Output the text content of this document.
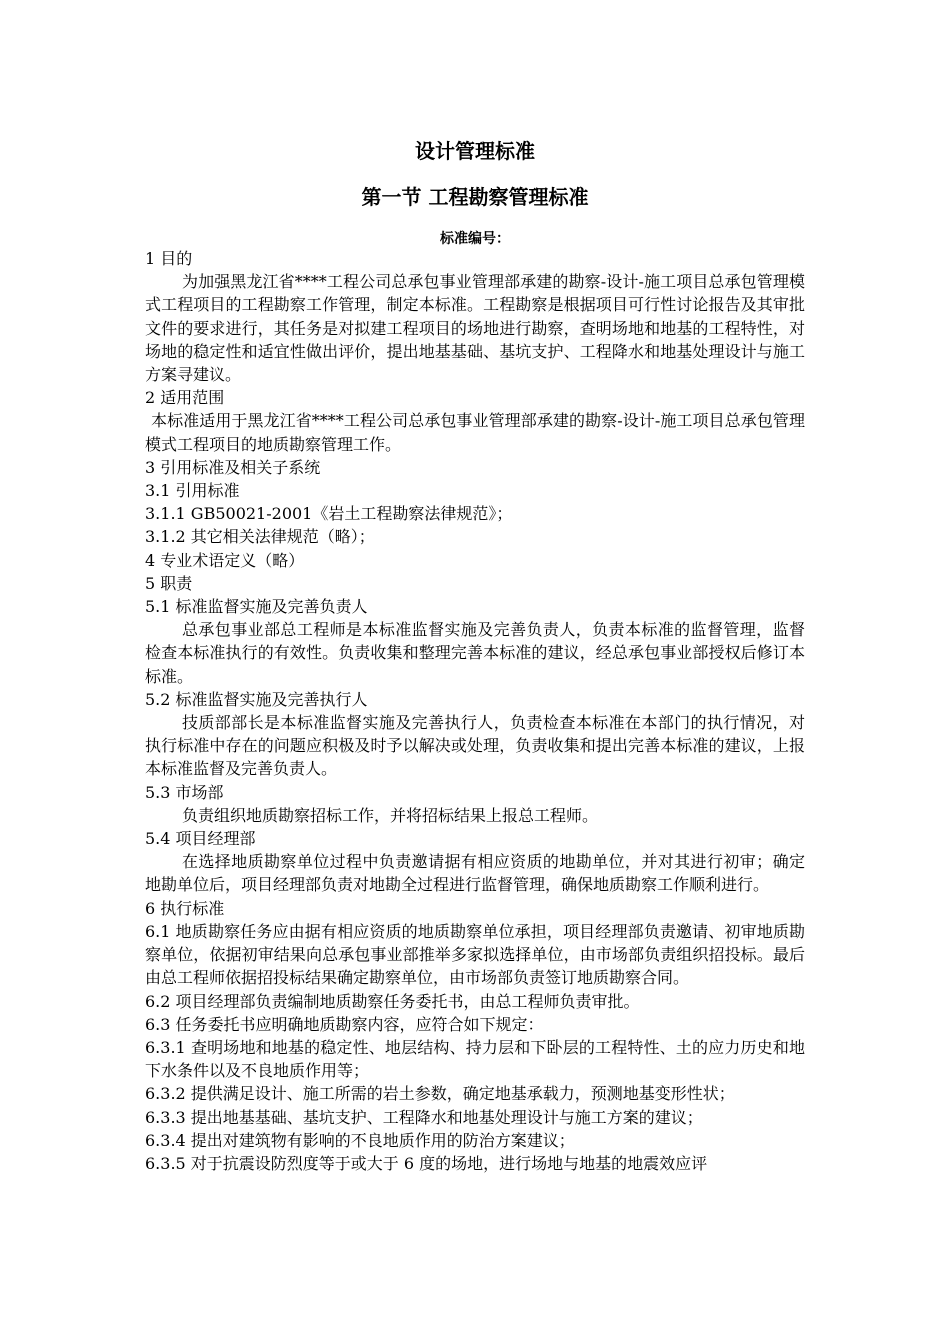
设计管理标准
第一节 工程勘察管理标准
标准编号：

1 目的

为加强黑龙江省****工程公司总承包事业管理部承建的勘察-设计-施工项目总承包管理模式工程项目的工程勘察工作管理，制定本标准。工程勘察是根据项目可行性讨论报告及其审批文件的要求进行，其任务是对拟建工程项目的场地进行勘察，查明场地和地基的工程特性，对场地的稳定性和适宜性做出评价，提出地基基础、基坑支护、工程降水和地基处理设计与施工方案寻建议。

2 适用范围

本标准适用于黑龙江省****工程公司总承包事业管理部承建的勘察-设计-施工项目总承包管理模式工程项目的地质勘察管理工作。

3 引用标准及相关子系统

3.1 引用标准

3.1.1 GB50021-2001《岩土工程勘察法律规范》；

3.1.2 其它相关法律规范（略）；

4 专业术语定义（略）

5 职责

5.1 标准监督实施及完善负责人

总承包事业部总工程师是本标准监督实施及完善负责人，负责本标准的监督管理，监督检查本标准执行的有效性。负责收集和整理完善本标准的建议，经总承包事业部授权后修订本标准。

5.2 标准监督实施及完善执行人

技质部部长是本标准监督实施及完善执行人，负责检查本标准在本部门的执行情况，对执行标准中存在的问题应积极及时予以解决或处理，负责收集和提出完善本标准的建议，上报本标准监督及完善负责人。

5.3 市场部

负责组织地质勘察招标工作，并将招标结果上报总工程师。

5.4 项目经理部

在选择地质勘察单位过程中负责邀请据有相应资质的地勘单位，并对其进行初审；确定地勘单位后，项目经理部负责对地勘全过程进行监督管理，确保地质勘察工作顺利进行。

6 执行标准

6.1 地质勘察任务应由据有相应资质的地质勘察单位承担，项目经理部负责邀请、初审地质勘察单位，依据初审结果向总承包事业部推举多家拟选择单位，由市场部负责组织招投标。最后由总工程师依据招投标结果确定勘察单位，由市场部负责签订地质勘察合同。

6.2 项目经理部负责编制地质勘察任务委托书，由总工程师负责审批。

6.3 任务委托书应明确地质勘察内容，应符合如下规定：

6.3.1 查明场地和地基的稳定性、地层结构、持力层和下卧层的工程特性、土的应力历史和地下水条件以及不良地质作用等；

6.3.2 提供满足设计、施工所需的岩土参数，确定地基承载力，预测地基变形性状；

6.3.3 提出地基基础、基坑支护、工程降水和地基处理设计与施工方案的建议；

6.3.4 提出对建筑物有影响的不良地质作用的防治方案建议；

6.3.5 对于抗震设防烈度等于或大于 6 度的场地，进行场地与地基的地震效应评
